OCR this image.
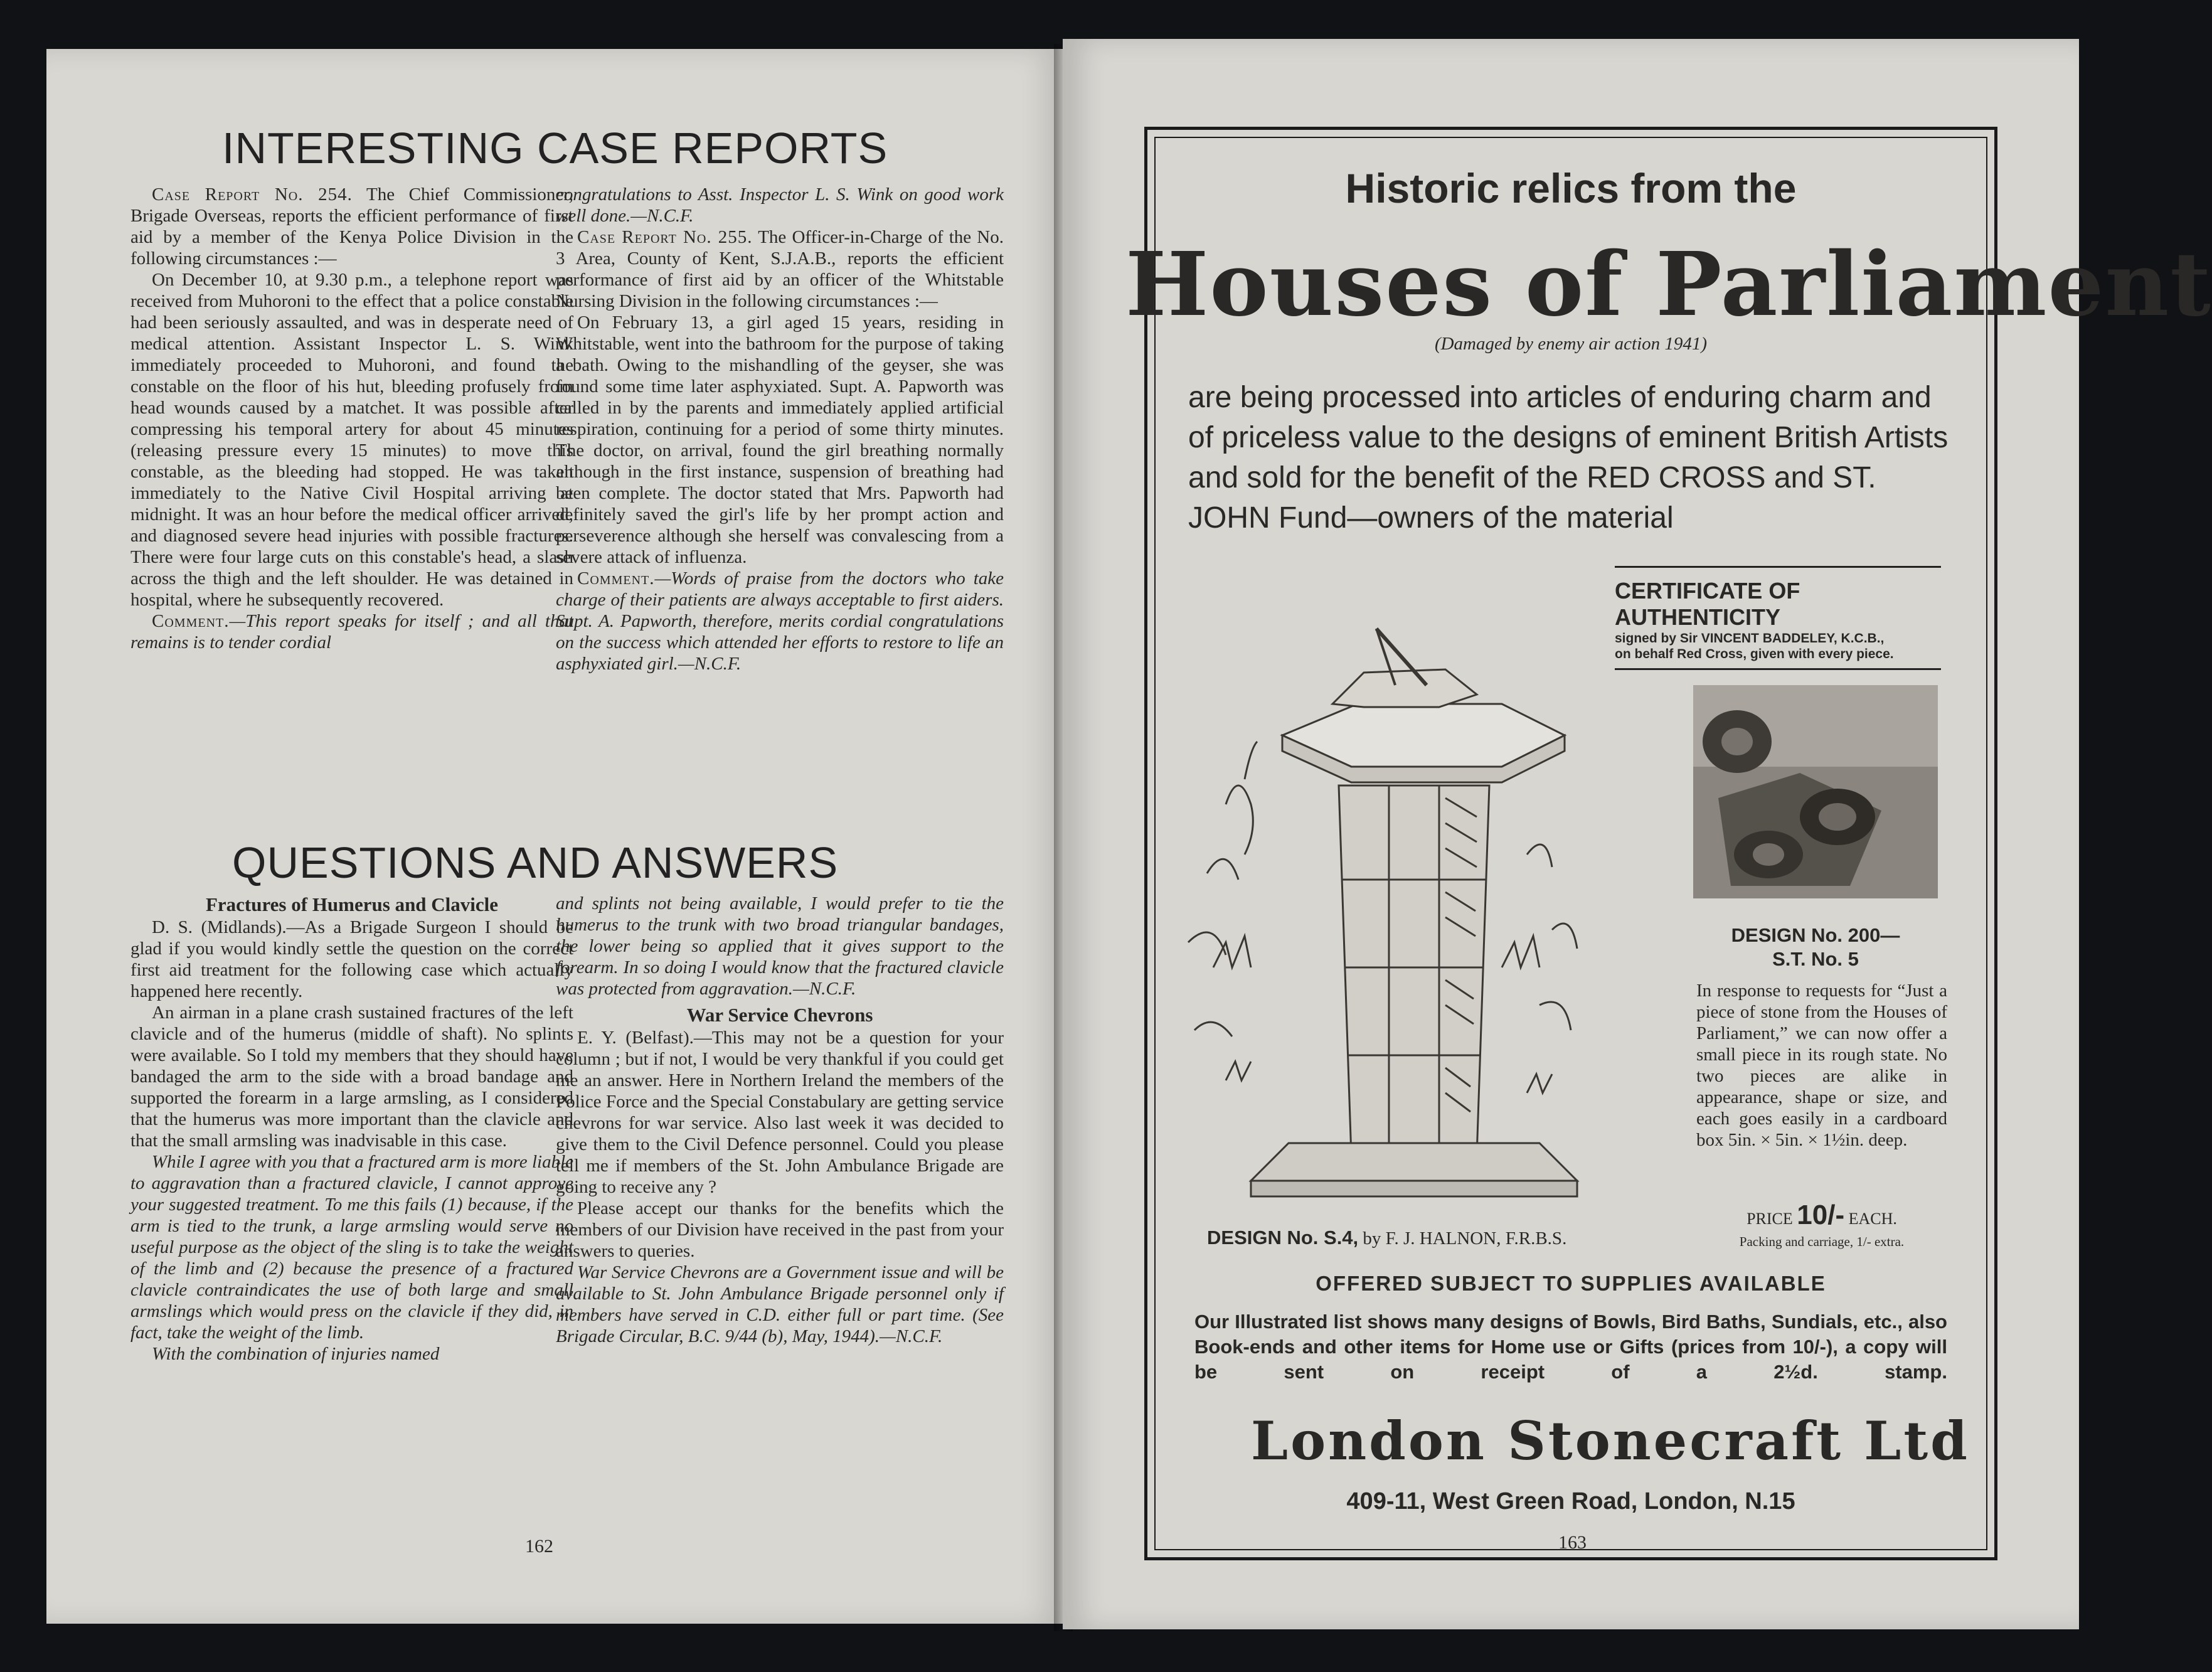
INTERESTING CASE REPORTS

Case Report No. 254. The Chief Commissioner, Brigade Overseas, reports the efficient performance of first aid by a member of the Kenya Police Division in the following circumstances :—

On December 10, at 9.30 p.m., a telephone report was received from Muhoroni to the effect that a police constable had been seriously assaulted, and was in desperate need of medical attention. Assistant Inspector L. S. Wink immediately proceeded to Muhoroni, and found the constable on the floor of his hut, bleeding profusely from head wounds caused by a matchet. It was possible after compressing his temporal artery for about 45 minutes (releasing pressure every 15 minutes) to move this constable, as the bleeding had stopped. He was taken immediately to the Native Civil Hospital arriving at midnight. It was an hour before the medical officer arrived, and diagnosed severe head injuries with possible fractures. There were four large cuts on this constable's head, a slash across the thigh and the left shoulder. He was detained in hospital, where he subsequently recovered.

Comment.—This report speaks for itself ; and all that remains is to tender cordial

congratulations to Asst. Inspector L. S. Wink on good work well done.—N.C.F.

Case Report No. 255. The Officer-in-Charge of the No. 3 Area, County of Kent, S.J.A.B., reports the efficient performance of first aid by an officer of the Whitstable Nursing Division in the following circumstances :—

On February 13, a girl aged 15 years, residing in Whitstable, went into the bathroom for the purpose of taking a bath. Owing to the mishandling of the geyser, she was found some time later asphyxiated. Supt. A. Papworth was called in by the parents and immediately applied artificial respiration, continuing for a period of some thirty minutes. The doctor, on arrival, found the girl breathing normally although in the first instance, suspension of breathing had been complete. The doctor stated that Mrs. Papworth had definitely saved the girl's life by her prompt action and perseverence although she herself was convalescing from a severe attack of influenza.

Comment.—Words of praise from the doctors who take charge of their patients are always acceptable to first aiders. Supt. A. Papworth, therefore, merits cordial congratulations on the success which attended her efforts to restore to life an asphyxiated girl.—N.C.F.

QUESTIONS AND ANSWERS

Fractures of Humerus and Clavicle

D. S. (Midlands).—As a Brigade Surgeon I should be glad if you would kindly settle the question on the correct first aid treatment for the following case which actually happened here recently.

An airman in a plane crash sustained fractures of the left clavicle and of the humerus (middle of shaft). No splints were available. So I told my members that they should have bandaged the arm to the side with a broad bandage and supported the forearm in a large armsling, as I considered that the humerus was more important than the clavicle and that the small armsling was inadvisable in this case.

While I agree with you that a fractured arm is more liable to aggravation than a fractured clavicle, I cannot approve your suggested treatment. To me this fails (1) because, if the arm is tied to the trunk, a large armsling would serve no useful purpose as the object of the sling is to take the weight of the limb and (2) because the presence of a fractured clavicle contraindicates the use of both large and small armslings which would press on the clavicle if they did, in fact, take the weight of the limb.

With the combination of injuries named

and splints not being available, I would prefer to tie the humerus to the trunk with two broad triangular bandages, the lower being so applied that it gives support to the forearm. In so doing I would know that the fractured clavicle was protected from aggravation.—N.C.F.

War Service Chevrons

E. Y. (Belfast).—This may not be a question for your column ; but if not, I would be very thankful if you could get me an answer. Here in Northern Ireland the members of the Police Force and the Special Constabulary are getting service chevrons for war service. Also last week it was decided to give them to the Civil Defence personnel. Could you please tell me if members of the St. John Ambulance Brigade are going to receive any ?

Please accept our thanks for the benefits which the members of our Division have received in the past from your answers to queries.

War Service Chevrons are a Government issue and will be available to St. John Ambulance Brigade personnel only if members have served in C.D. either full or part time. (See Brigade Circular, B.C. 9/44 (b), May, 1944).—N.C.F.

162
Historic relics from the
Houses of Parliament
(Damaged by enemy air action 1941)
are being processed into articles of enduring charm and of priceless value to the designs of eminent British Artists and sold for the benefit of the RED CROSS and ST. JOHN Fund—owners of the material
CERTIFICATE OF AUTHENTICITY
signed by Sir VINCENT BADDELEY, K.C.B.,
on behalf Red Cross, given with every piece.
DESIGN No. 200—
S.T. No. 5
In response to requests for “Just a piece of stone from the Houses of Parliament,” we can now offer a small piece in its rough state. No two pieces are alike in appearance, shape or size, and each goes easily in a cardboard box 5in. × 5in. × 1½in. deep.
PRICE 10/- EACH.
Packing and carriage, 1/- extra.
DESIGN No. S.4, by F. J. HALNON, F.R.B.S.
OFFERED SUBJECT TO SUPPLIES AVAILABLE
Our Illustrated list shows many designs of Bowls, Bird Baths, Sundials, etc., also Book-ends and other items for Home use or Gifts (prices from 10/-), a copy will be sent on receipt of a 2½d. stamp.
London Stonecraft Ltd
409-11, West Green Road, London, N.15
163
